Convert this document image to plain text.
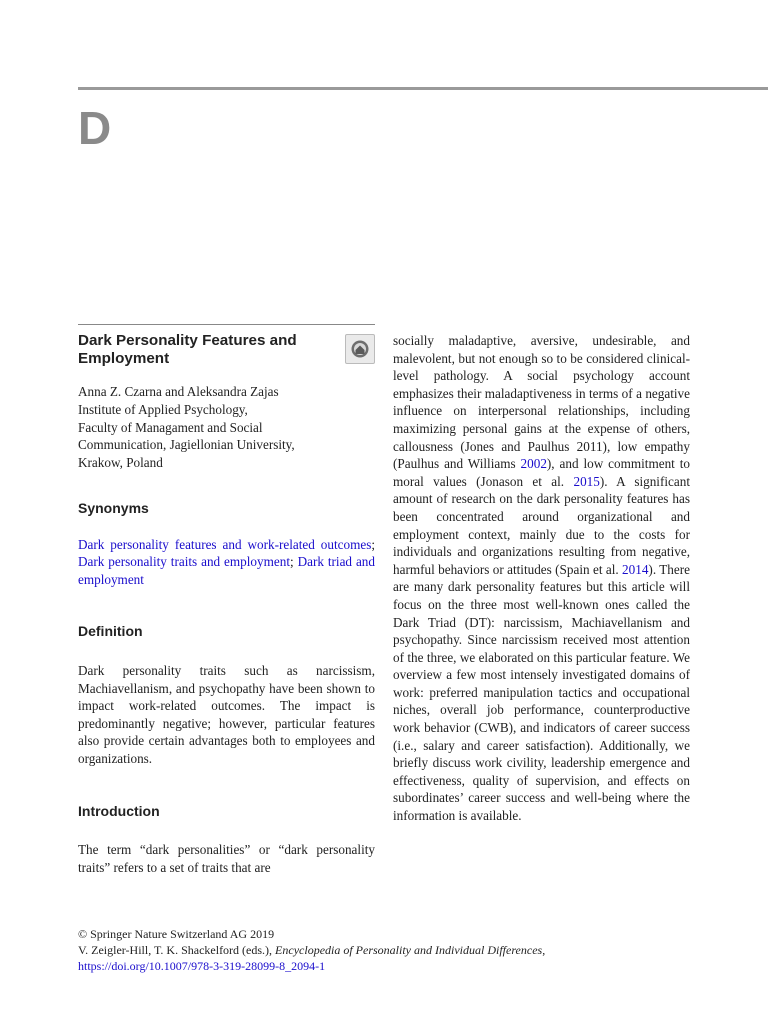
D
Dark Personality Features and Employment
Anna Z. Czarna and Aleksandra Zajas
Institute of Applied Psychology,
Faculty of Managament and Social
Communication, Jagiellonian University,
Krakow, Poland
Synonyms
Dark personality features and work-related outcomes; Dark personality traits and employment; Dark triad and employment
Definition
Dark personality traits such as narcissism, Machiavellanism, and psychopathy have been shown to impact work-related outcomes. The impact is predominantly negative; however, particular features also provide certain advantages both to employees and organizations.
Introduction
The term “dark personalities” or “dark personality traits” refers to a set of traits that are
socially maladaptive, aversive, undesirable, and malevolent, but not enough so to be considered clinical-level pathology. A social psychology account emphasizes their maladaptiveness in terms of a negative influence on interpersonal relationships, including maximizing personal gains at the expense of others, callousness (Jones and Paulhus 2011), low empathy (Paulhus and Williams 2002), and low commitment to moral values (Jonason et al. 2015). A significant amount of research on the dark personality features has been concentrated around organizational and employment context, mainly due to the costs for individuals and organizations resulting from negative, harmful behaviors or attitudes (Spain et al. 2014). There are many dark personality features but this article will focus on the three most well-known ones called the Dark Triad (DT): narcissism, Machiavellanism and psychopathy. Since narcissism received most attention of the three, we elaborated on this particular feature. We overview a few most intensely investigated domains of work: preferred manipulation tactics and occupational niches, overall job performance, counterproductive work behavior (CWB), and indicators of career success (i.e., salary and career satisfaction). Additionally, we briefly discuss work civility, leadership emergence and effectiveness, quality of supervision, and effects on subordinates’ career success and well-being where the information is available.
© Springer Nature Switzerland AG 2019
V. Zeigler-Hill, T. K. Shackelford (eds.), Encyclopedia of Personality and Individual Differences,
https://doi.org/10.1007/978-3-319-28099-8_2094-1
